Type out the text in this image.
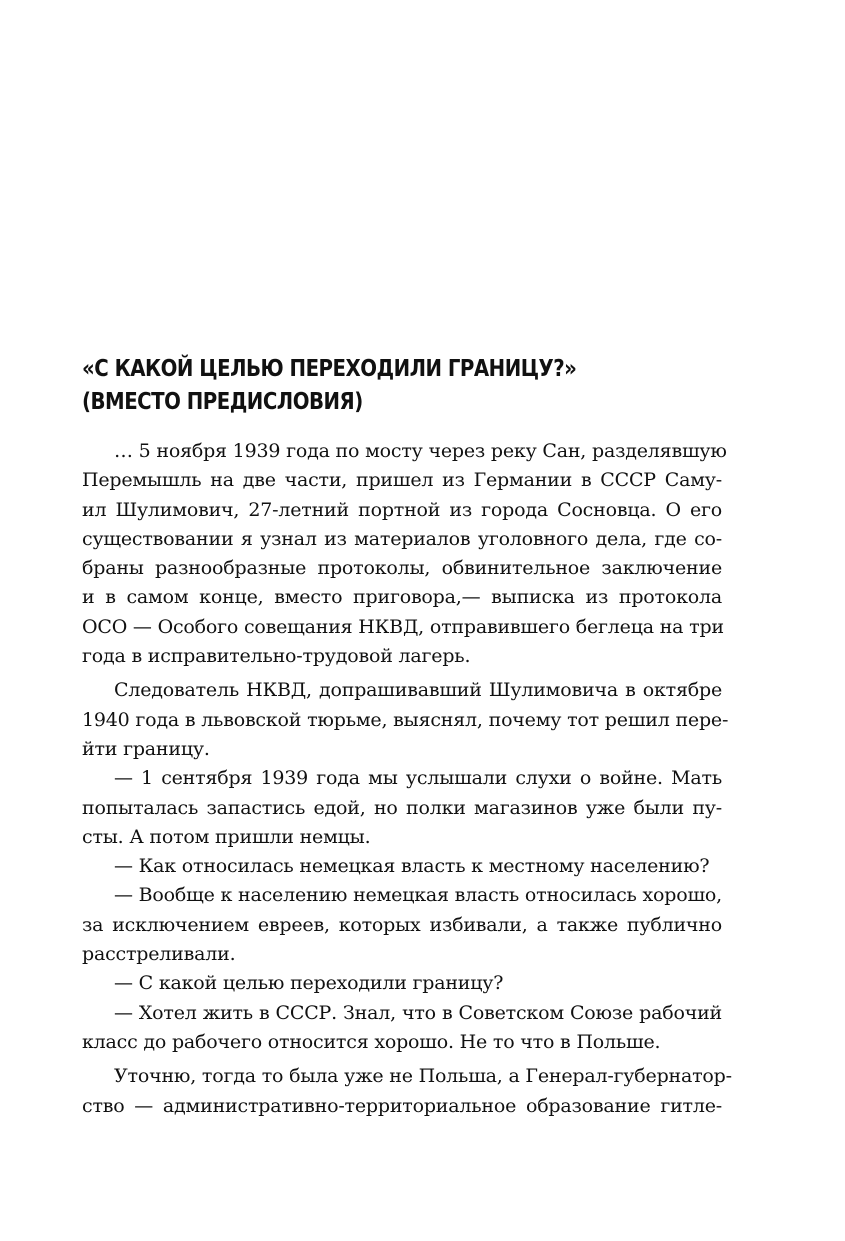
«С КАКОЙ ЦЕЛЬЮ ПЕРЕХОДИЛИ ГРАНИЦУ?»
(ВМЕСТО ПРЕДИСЛОВИЯ)
… 5 ноября 1939 года по мосту через реку Сан, разделявшую
Перемышль на две части, пришел из Германии в СССР Саму-
ил Шулимович, 27-летний портной из города Сосновца. О его
существовании я узнал из материалов уголовного дела, где со-
браны разнообразные протоколы, обвинительное заключение
и в самом конце, вместо приговора,— выписка из протокола
ОСО — Особого совещания НКВД, отправившего беглеца на три
года в исправительно-трудовой лагерь.
Следователь НКВД, допрашивавший Шулимовича в октябре
1940 года в львовской тюрьме, выяснял, почему тот решил пере-
йти границу.
— 1 сентября 1939 года мы услышали слухи о войне. Мать
попыталась запастись едой, но полки магазинов уже были пу-
сты. А потом пришли немцы.
— Как относилась немецкая власть к местному населению?
— Вообще к населению немецкая власть относилась хорошо,
за исключением евреев, которых избивали, а также публично
расстреливали.
— С какой целью переходили границу?
— Хотел жить в СССР. Знал, что в Советском Союзе рабочий
класс до рабочего относится хорошо. Не то что в Польше.
Уточню, тогда то была уже не Польша, а Генерал-губернатор-
ство — административно-территориальное образование гитле-
